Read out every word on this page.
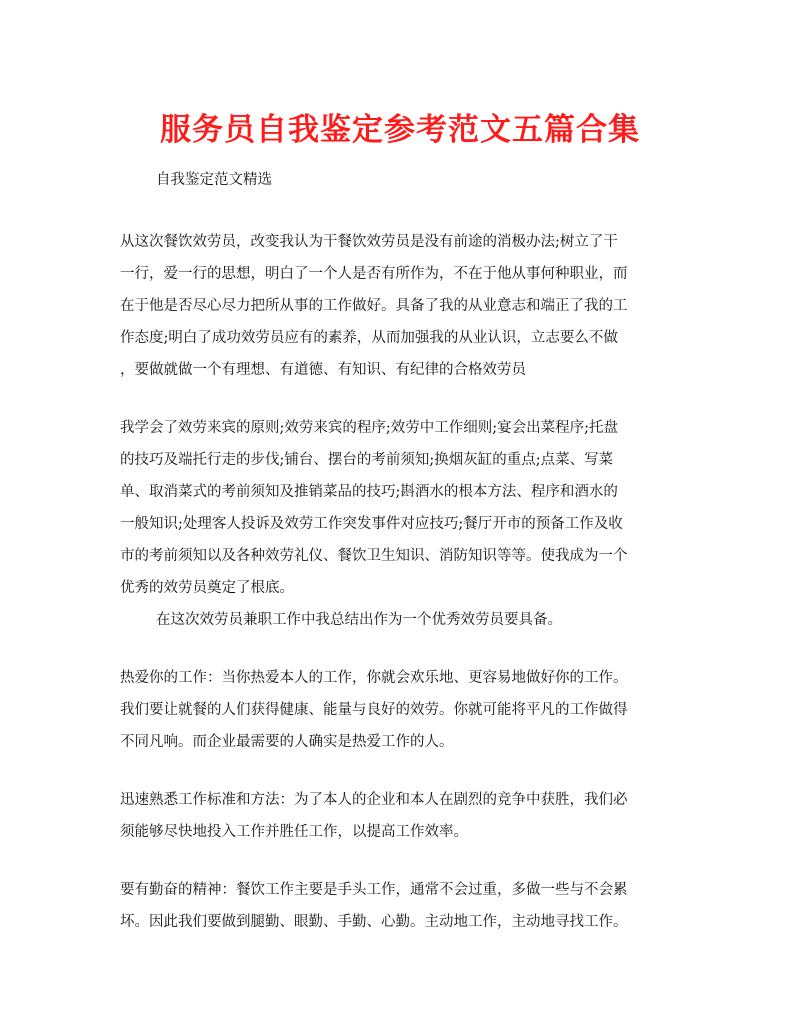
服务员自我鉴定参考范文五篇合集

自我鉴定范文精选

从这次餐饮效劳员，改变我认为干餐饮效劳员是没有前途的消极办法;树立了干

一行，爱一行的思想，明白了一个人是否有所作为，不在于他从事何种职业，而

在于他是否尽心尽力把所从事的工作做好。具备了我的从业意志和端正了我的工

作态度;明白了成功效劳员应有的素养，从而加强我的从业认识，立志要么不做

，要做就做一个有理想、有道德、有知识、有纪律的合格效劳员

我学会了效劳来宾的原则;效劳来宾的程序;效劳中工作细则;宴会出菜程序;托盘

的技巧及端托行走的步伐;铺台、摆台的考前须知;换烟灰缸的重点;点菜、写菜

单、取消菜式的考前须知及推销菜品的技巧;斟酒水的根本方法、程序和酒水的

一般知识;处理客人投诉及效劳工作突发事件对应技巧;餐厅开市的预备工作及收

市的考前须知以及各种效劳礼仪、餐饮卫生知识、消防知识等等。使我成为一个

优秀的效劳员奠定了根底。

在这次效劳员兼职工作中我总结出作为一个优秀效劳员要具备。

热爱你的工作：当你热爱本人的工作，你就会欢乐地、更容易地做好你的工作。

我们要让就餐的人们获得健康、能量与良好的效劳。你就可能将平凡的工作做得

不同凡响。而企业最需要的人确实是热爱工作的人。

迅速熟悉工作标准和方法：为了本人的企业和本人在剧烈的竞争中获胜，我们必

须能够尽快地投入工作并胜任工作，以提高工作效率。

要有勤奋的精神：餐饮工作主要是手头工作，通常不会过重，多做一些与不会累

坏。因此我们要做到腿勤、眼勤、手勤、心勤。主动地工作，主动地寻找工作。
